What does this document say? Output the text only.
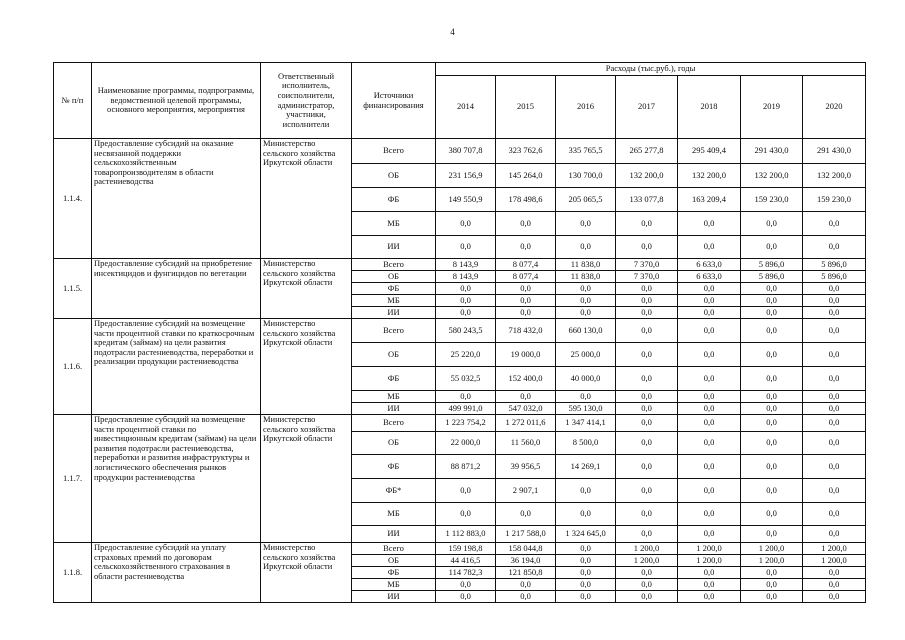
4
№ п/п	Наименование программы, подпрограммы, ведомственной целевой программы, основного мероприятия, мероприятия	Ответственный исполнитель, соисполнители, администратор, участники, исполнители	Источники финансирования	Расходы (тыс.руб.), годы						
				2014	2015	2016	2017	2018	2019	2020
1.1.4.	Предоставление субсидий на оказание несвязанной поддержки сельскохозяйственным товаропроизводителям в области растениеводства	Министерство сельского хозяйства Иркутской области	Всего	380 707,8	323 762,6	335 765,5	265 277,8	295 409,4	291 430,0	291 430,0
			ОБ	231 156,9	145 264,0	130 700,0	132 200,0	132 200,0	132 200,0	132 200,0
			ФБ	149 550,9	178 498,6	205 065,5	133 077,8	163 209,4	159 230,0	159 230,0
			МБ	0,0	0,0	0,0	0,0	0,0	0,0	0,0
			ИИ	0,0	0,0	0,0	0,0	0,0	0,0	0,0
1.1.5.	Предоставление субсидий на приобретение инсектицидов и фунгицидов по вегетации	Министерство сельского хозяйства Иркутской области	Всего	8 143,9	8 077,4	11 838,0	7 370,0	6 633,0	5 896,0	5 896,0
			ОБ	8 143,9	8 077,4	11 838,0	7 370,0	6 633,0	5 896,0	5 896,0
			ФБ	0,0	0,0	0,0	0,0	0,0	0,0	0,0
			МБ	0,0	0,0	0,0	0,0	0,0	0,0	0,0
			ИИ	0,0	0,0	0,0	0,0	0,0	0,0	0,0
1.1.6.	Предоставление субсидий на возмещение части процентной ставки по краткосрочным кредитам (займам) на цели развития подотрасли растениеводства, переработки и реализации продукции растениеводства	Министерство сельского хозяйства Иркутской области	Всего	580 243,5	718 432,0	660 130,0	0,0	0,0	0,0	0,0
			ОБ	25 220,0	19 000,0	25 000,0	0,0	0,0	0,0	0,0
			ФБ	55 032,5	152 400,0	40 000,0	0,0	0,0	0,0	0,0
			МБ	0,0	0,0	0,0	0,0	0,0	0,0	0,0
			ИИ	499 991,0	547 032,0	595 130,0	0,0	0,0	0,0	0,0
1.1.7.	Предоставление субсидий на возмещение части процентной ставки по инвестиционным кредитам (займам) на цели развития подотрасли растениеводства, переработки и развития инфраструктуры и логистического обеспечения рынков продукции растениеводства	Министерство сельского хозяйства Иркутской области	Всего	1 223 754,2	1 272 011,6	1 347 414,1	0,0	0,0	0,0	0,0
			ОБ	22 000,0	11 560,0	8 500,0	0,0	0,0	0,0	0,0
			ФБ	88 871,2	39 956,5	14 269,1	0,0	0,0	0,0	0,0
			ФБ*	0,0	2 907,1	0,0	0,0	0,0	0,0	0,0
			МБ	0,0	0,0	0,0	0,0	0,0	0,0	0,0
			ИИ	1 112 883,0	1 217 588,0	1 324 645,0	0,0	0,0	0,0	0,0
1.1.8.	Предоставление субсидий на уплату страховых премий по договорам сельскохозяйственного страхования в области растениеводства	Министерство сельского хозяйства Иркутской области	Всего	159 198,8	158 044,8	0,0	1 200,0	1 200,0	1 200,0	1 200,0
			ОБ	44 416,5	36 194,0	0,0	1 200,0	1 200,0	1 200,0	1 200,0
			ФБ	114 782,3	121 850,8	0,0	0,0	0,0	0,0	0,0
			МБ	0,0	0,0	0,0	0,0	0,0	0,0	0,0
			ИИ	0,0	0,0	0,0	0,0	0,0	0,0	0,0
